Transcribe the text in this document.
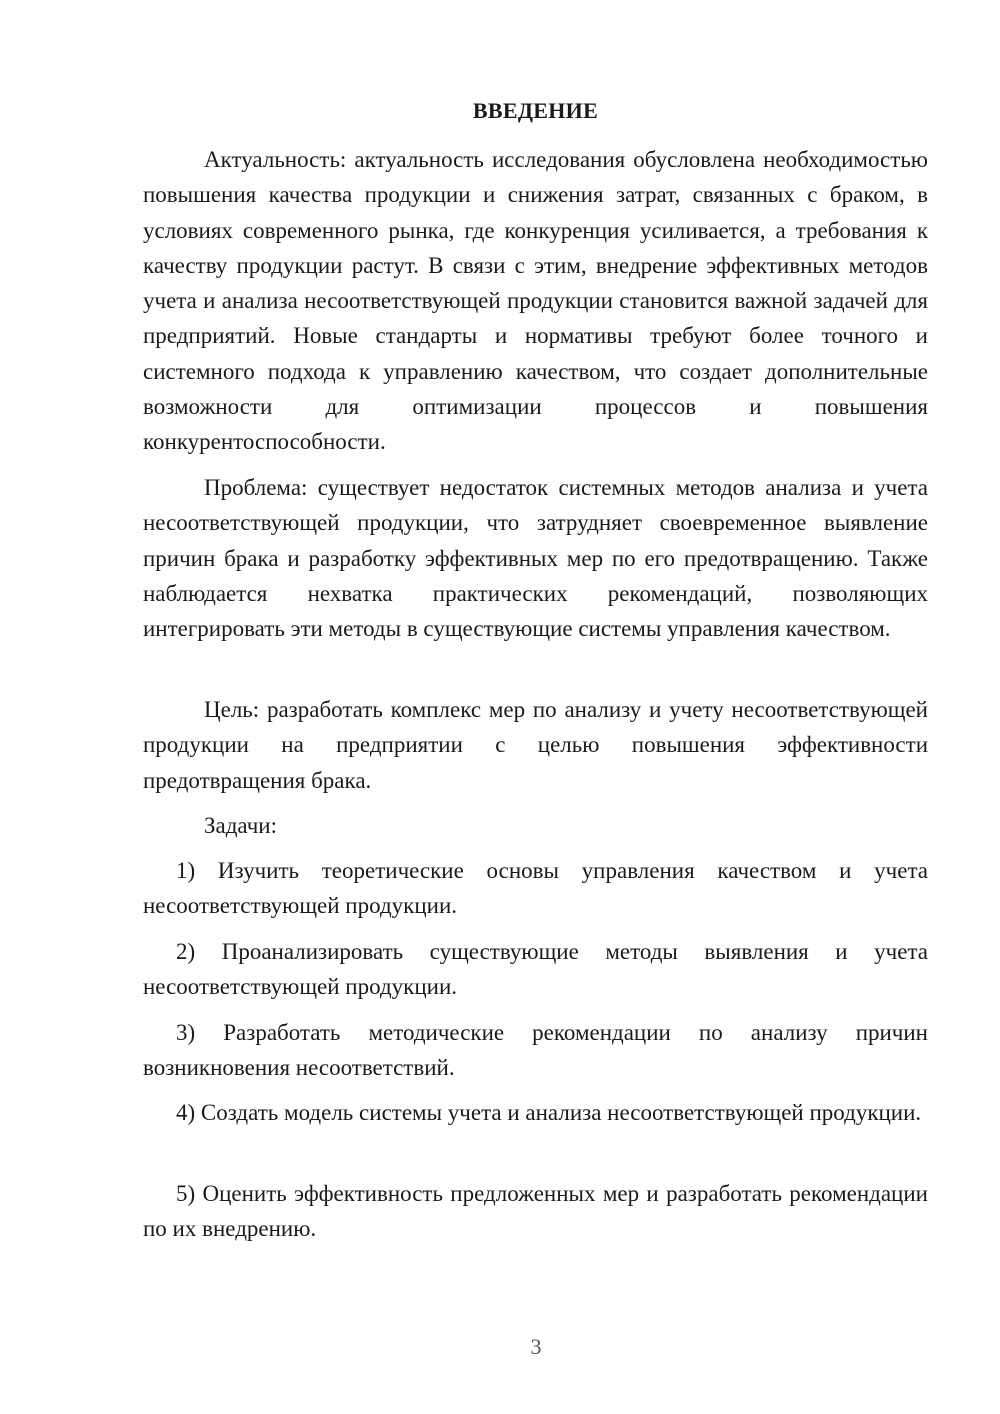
ВВЕДЕНИЕ

Актуальность: актуальность исследования обусловлена необходимостью повышения качества продукции и снижения затрат, связанных с браком, в условиях современного рынка, где конкуренция усиливается, а требования к качеству продукции растут. В связи с этим, внедрение эффективных методов учета и анализа несоответствующей продукции становится важной задачей для предприятий. Новые стандарты и нормативы требуют более точного и системного подхода к управлению качеством, что создает дополнительные возможности для оптимизации процессов и повышения конкурентоспособности.

Проблема: существует недостаток системных методов анализа и учета несоответствующей продукции, что затрудняет своевременное выявление причин брака и разработку эффективных мер по его предотвращению. Также наблюдается нехватка практических рекомендаций, позволяющих интегрировать эти методы в существующие системы управления качеством.

Цель: разработать комплекс мер по анализу и учету несоответствующей продукции на предприятии с целью повышения эффективности предотвращения брака.

Задачи:

1) Изучить теоретические основы управления качеством и учета несоответствующей продукции.

2) Проанализировать существующие методы выявления и учета несоответствующей продукции.

3) Разработать методические рекомендации по анализу причин возникновения несоответствий.

4) Создать модель системы учета и анализа несоответствующей продукции.

5) Оценить эффективность предложенных мер и разработать рекомендации по их внедрению.

3
